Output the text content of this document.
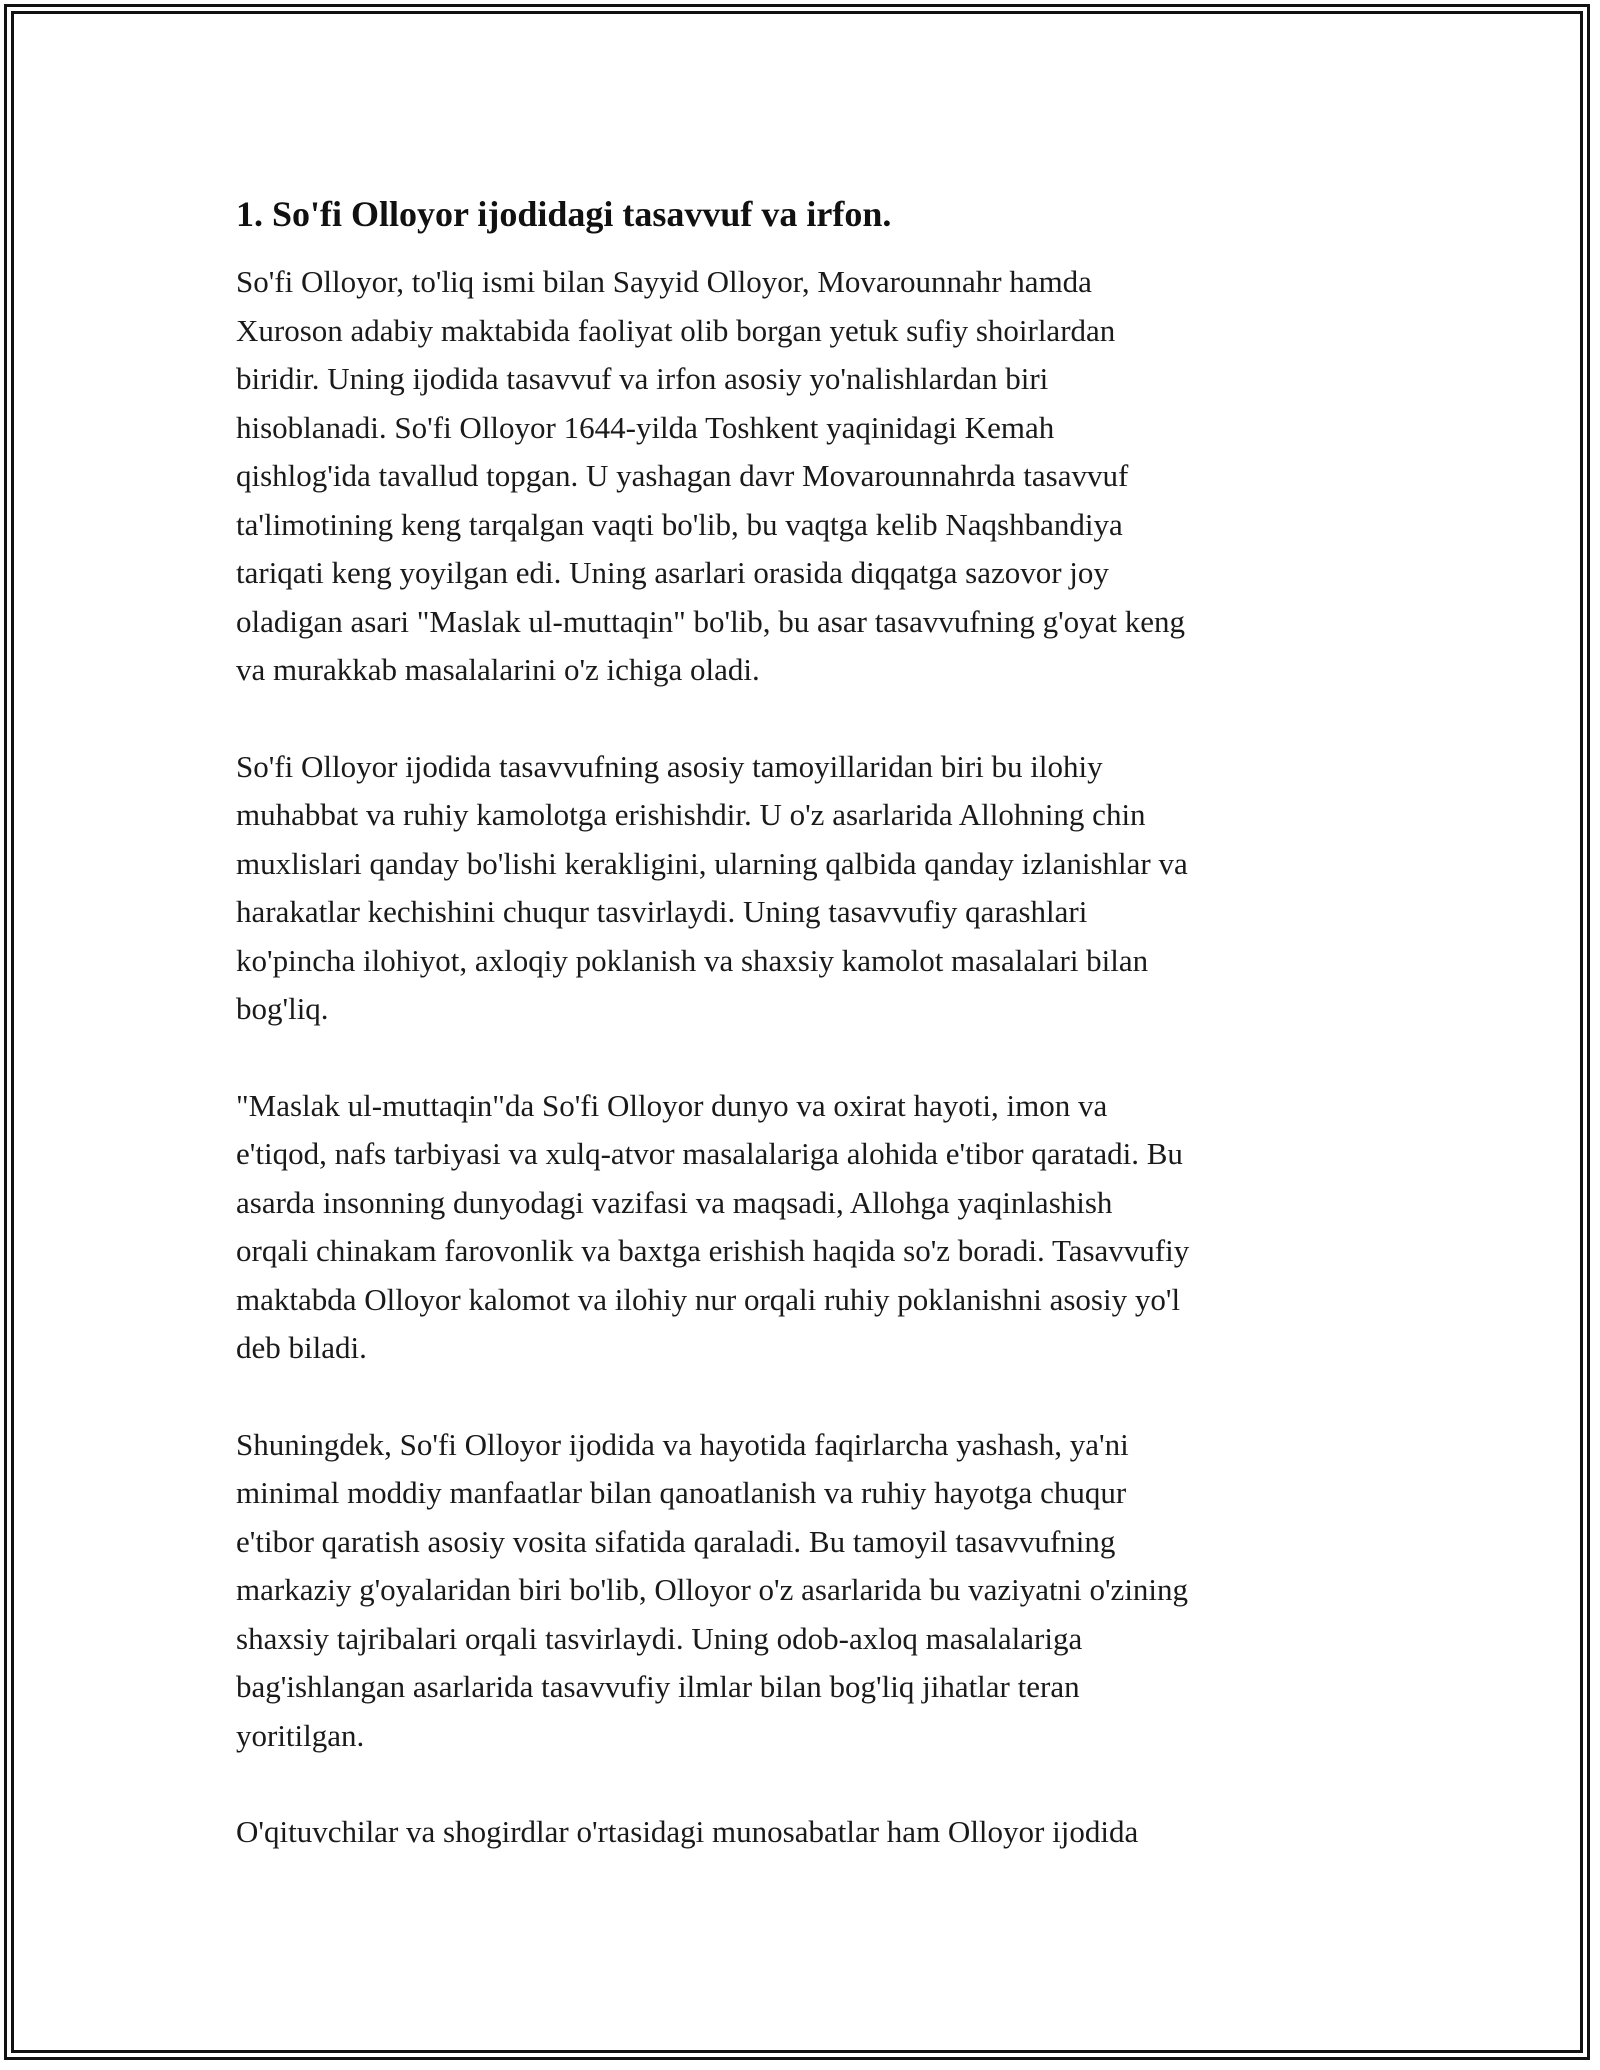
1. So'fi Olloyor ijodidagi tasavvuf va irfon.
So'fi Olloyor, to'liq ismi bilan Sayyid Olloyor, Movarounnahr hamda
Xuroson adabiy maktabida faoliyat olib borgan yetuk sufiy shoirlardan
biridir. Uning ijodida tasavvuf va irfon asosiy yo'nalishlardan biri
hisoblanadi. So'fi Olloyor 1644-yilda Toshkent yaqinidagi Kemah
qishlog'ida tavallud topgan. U yashagan davr Movarounnahrda tasavvuf
ta'limotining keng tarqalgan vaqti bo'lib, bu vaqtga kelib Naqshbandiya
tariqati keng yoyilgan edi. Uning asarlari orasida diqqatga sazovor joy
oladigan asari "Maslak ul-muttaqin" bo'lib, bu asar tasavvufning g'oyat keng
va murakkab masalalarini o'z ichiga oladi.
So'fi Olloyor ijodida tasavvufning asosiy tamoyillaridan biri bu ilohiy
muhabbat va ruhiy kamolotga erishishdir. U o'z asarlarida Allohning chin
muxlislari qanday bo'lishi kerakligini, ularning qalbida qanday izlanishlar va
harakatlar kechishini chuqur tasvirlaydi. Uning tasavvufiy qarashlari
ko'pincha ilohiyot, axloqiy poklanish va shaxsiy kamolot masalalari bilan
bog'liq.
"Maslak ul-muttaqin"da So'fi Olloyor dunyo va oxirat hayoti, imon va
e'tiqod, nafs tarbiyasi va xulq-atvor masalalariga alohida e'tibor qaratadi. Bu
asarda insonning dunyodagi vazifasi va maqsadi, Allohga yaqinlashish
orqali chinakam farovonlik va baxtga erishish haqida so'z boradi. Tasavvufiy
maktabda Olloyor kalomot va ilohiy nur orqali ruhiy poklanishni asosiy yo'l
deb biladi.
Shuningdek, So'fi Olloyor ijodida va hayotida faqirlarcha yashash, ya'ni
minimal moddiy manfaatlar bilan qanoatlanish va ruhiy hayotga chuqur
e'tibor qaratish asosiy vosita sifatida qaraladi. Bu tamoyil tasavvufning
markaziy g'oyalaridan biri bo'lib, Olloyor o'z asarlarida bu vaziyatni o'zining
shaxsiy tajribalari orqali tasvirlaydi. Uning odob-axloq masalalariga
bag'ishlangan asarlarida tasavvufiy ilmlar bilan bog'liq jihatlar teran
yoritilgan.
O'qituvchilar va shogirdlar o'rtasidagi munosabatlar ham Olloyor ijodida
